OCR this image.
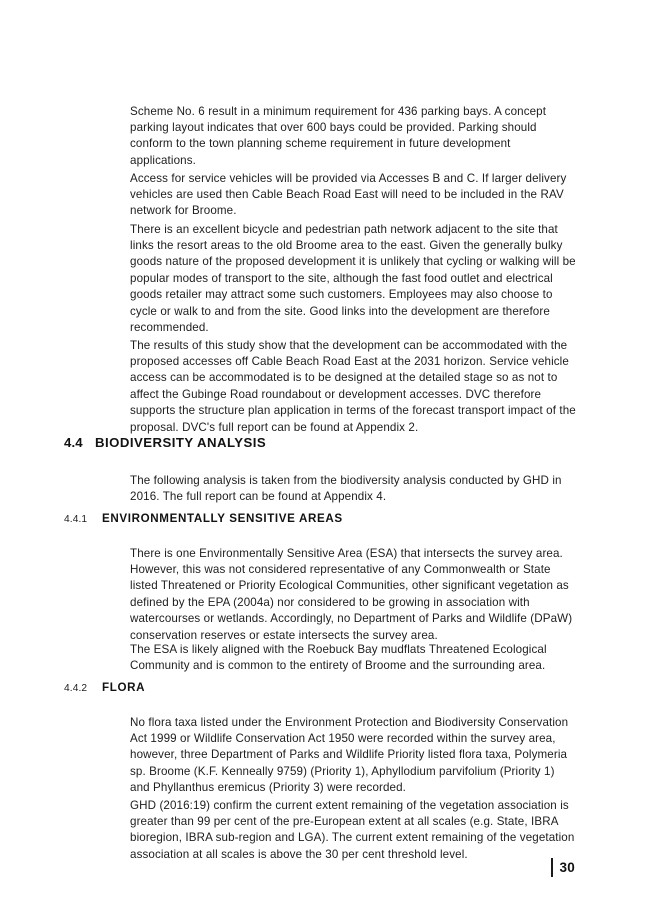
Scheme No. 6 result in a minimum requirement for 436 parking bays. A concept parking layout indicates that over 600 bays could be provided. Parking should conform to the town planning scheme requirement in future development applications.

Access for service vehicles will be provided via Accesses B and C. If larger delivery vehicles are used then Cable Beach Road East will need to be included in the RAV network for Broome.

There is an excellent bicycle and pedestrian path network adjacent to the site that links the resort areas to the old Broome area to the east. Given the generally bulky goods nature of the proposed development it is unlikely that cycling or walking will be popular modes of transport to the site, although the fast food outlet and electrical goods retailer may attract some such customers. Employees may also choose to cycle or walk to and from the site. Good links into the development are therefore recommended.

The results of this study show that the development can be accommodated with the proposed accesses off Cable Beach Road East at the 2031 horizon. Service vehicle access can be accommodated is to be designed at the detailed stage so as not to affect the Gubinge Road roundabout or development accesses. DVC therefore supports the structure plan application in terms of the forecast transport impact of the proposal. DVC's full report can be found at Appendix 2.

4.4 BIODIVERSITY ANALYSIS

The following analysis is taken from the biodiversity analysis conducted by GHD in 2016. The full report can be found at Appendix 4.

4.4.1 ENVIRONMENTALLY SENSITIVE AREAS

There is one Environmentally Sensitive Area (ESA) that intersects the survey area. However, this was not considered representative of any Commonwealth or State listed Threatened or Priority Ecological Communities, other significant vegetation as defined by the EPA (2004a) nor considered to be growing in association with watercourses or wetlands. Accordingly, no Department of Parks and Wildlife (DPaW) conservation reserves or estate intersects the survey area.

The ESA is likely aligned with the Roebuck Bay mudflats Threatened Ecological Community and is common to the entirety of Broome and the surrounding area.

4.4.2 FLORA

No flora taxa listed under the Environment Protection and Biodiversity Conservation Act 1999 or Wildlife Conservation Act 1950 were recorded within the survey area, however, three Department of Parks and Wildlife Priority listed flora taxa, Polymeria sp. Broome (K.F. Kenneally 9759) (Priority 1), Aphyllodium parvifolium (Priority 1) and Phyllanthus eremicus (Priority 3) were recorded.

GHD (2016:19) confirm the current extent remaining of the vegetation association is greater than 99 per cent of the pre-European extent at all scales (e.g. State, IBRA bioregion, IBRA sub-region and LGA). The current extent remaining of the vegetation association at all scales is above the 30 per cent threshold level.

30
